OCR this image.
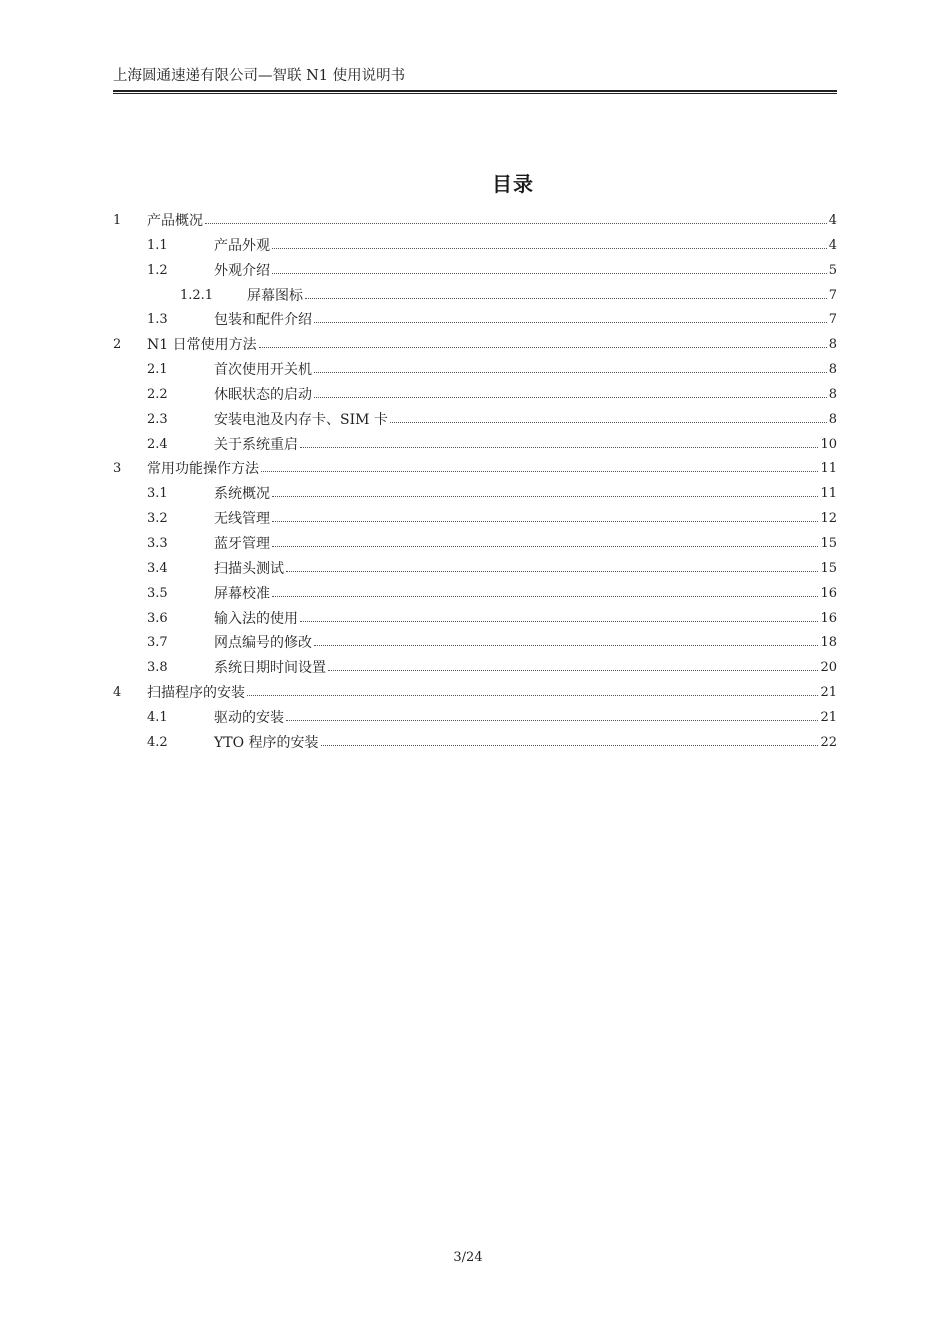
上海圆通速递有限公司—智联 N1 使用说明书
目录
1 产品概况	4
1.1	产品外观	4
1.2	外观介绍	5
1.2.1 屏幕图标	7
1.3	包装和配件介绍	7
2 N1 日常使用方法	8
2.1	首次使用开关机	8
2.2	休眠状态的启动	8
2.3	安装电池及内存卡、SIM 卡	8
2.4	关于系统重启	10
3 常用功能操作方法	11
3.1	系统概况	11
3.2	无线管理	12
3.3	蓝牙管理	15
3.4	扫描头测试	15
3.5	屏幕校准	16
3.6	输入法的使用	16
3.7	网点编号的修改	18
3.8	系统日期时间设置	20
4 扫描程序的安装	21
4.1	驱动的安装	21
4.2	YTO 程序的安装	22
3/24
